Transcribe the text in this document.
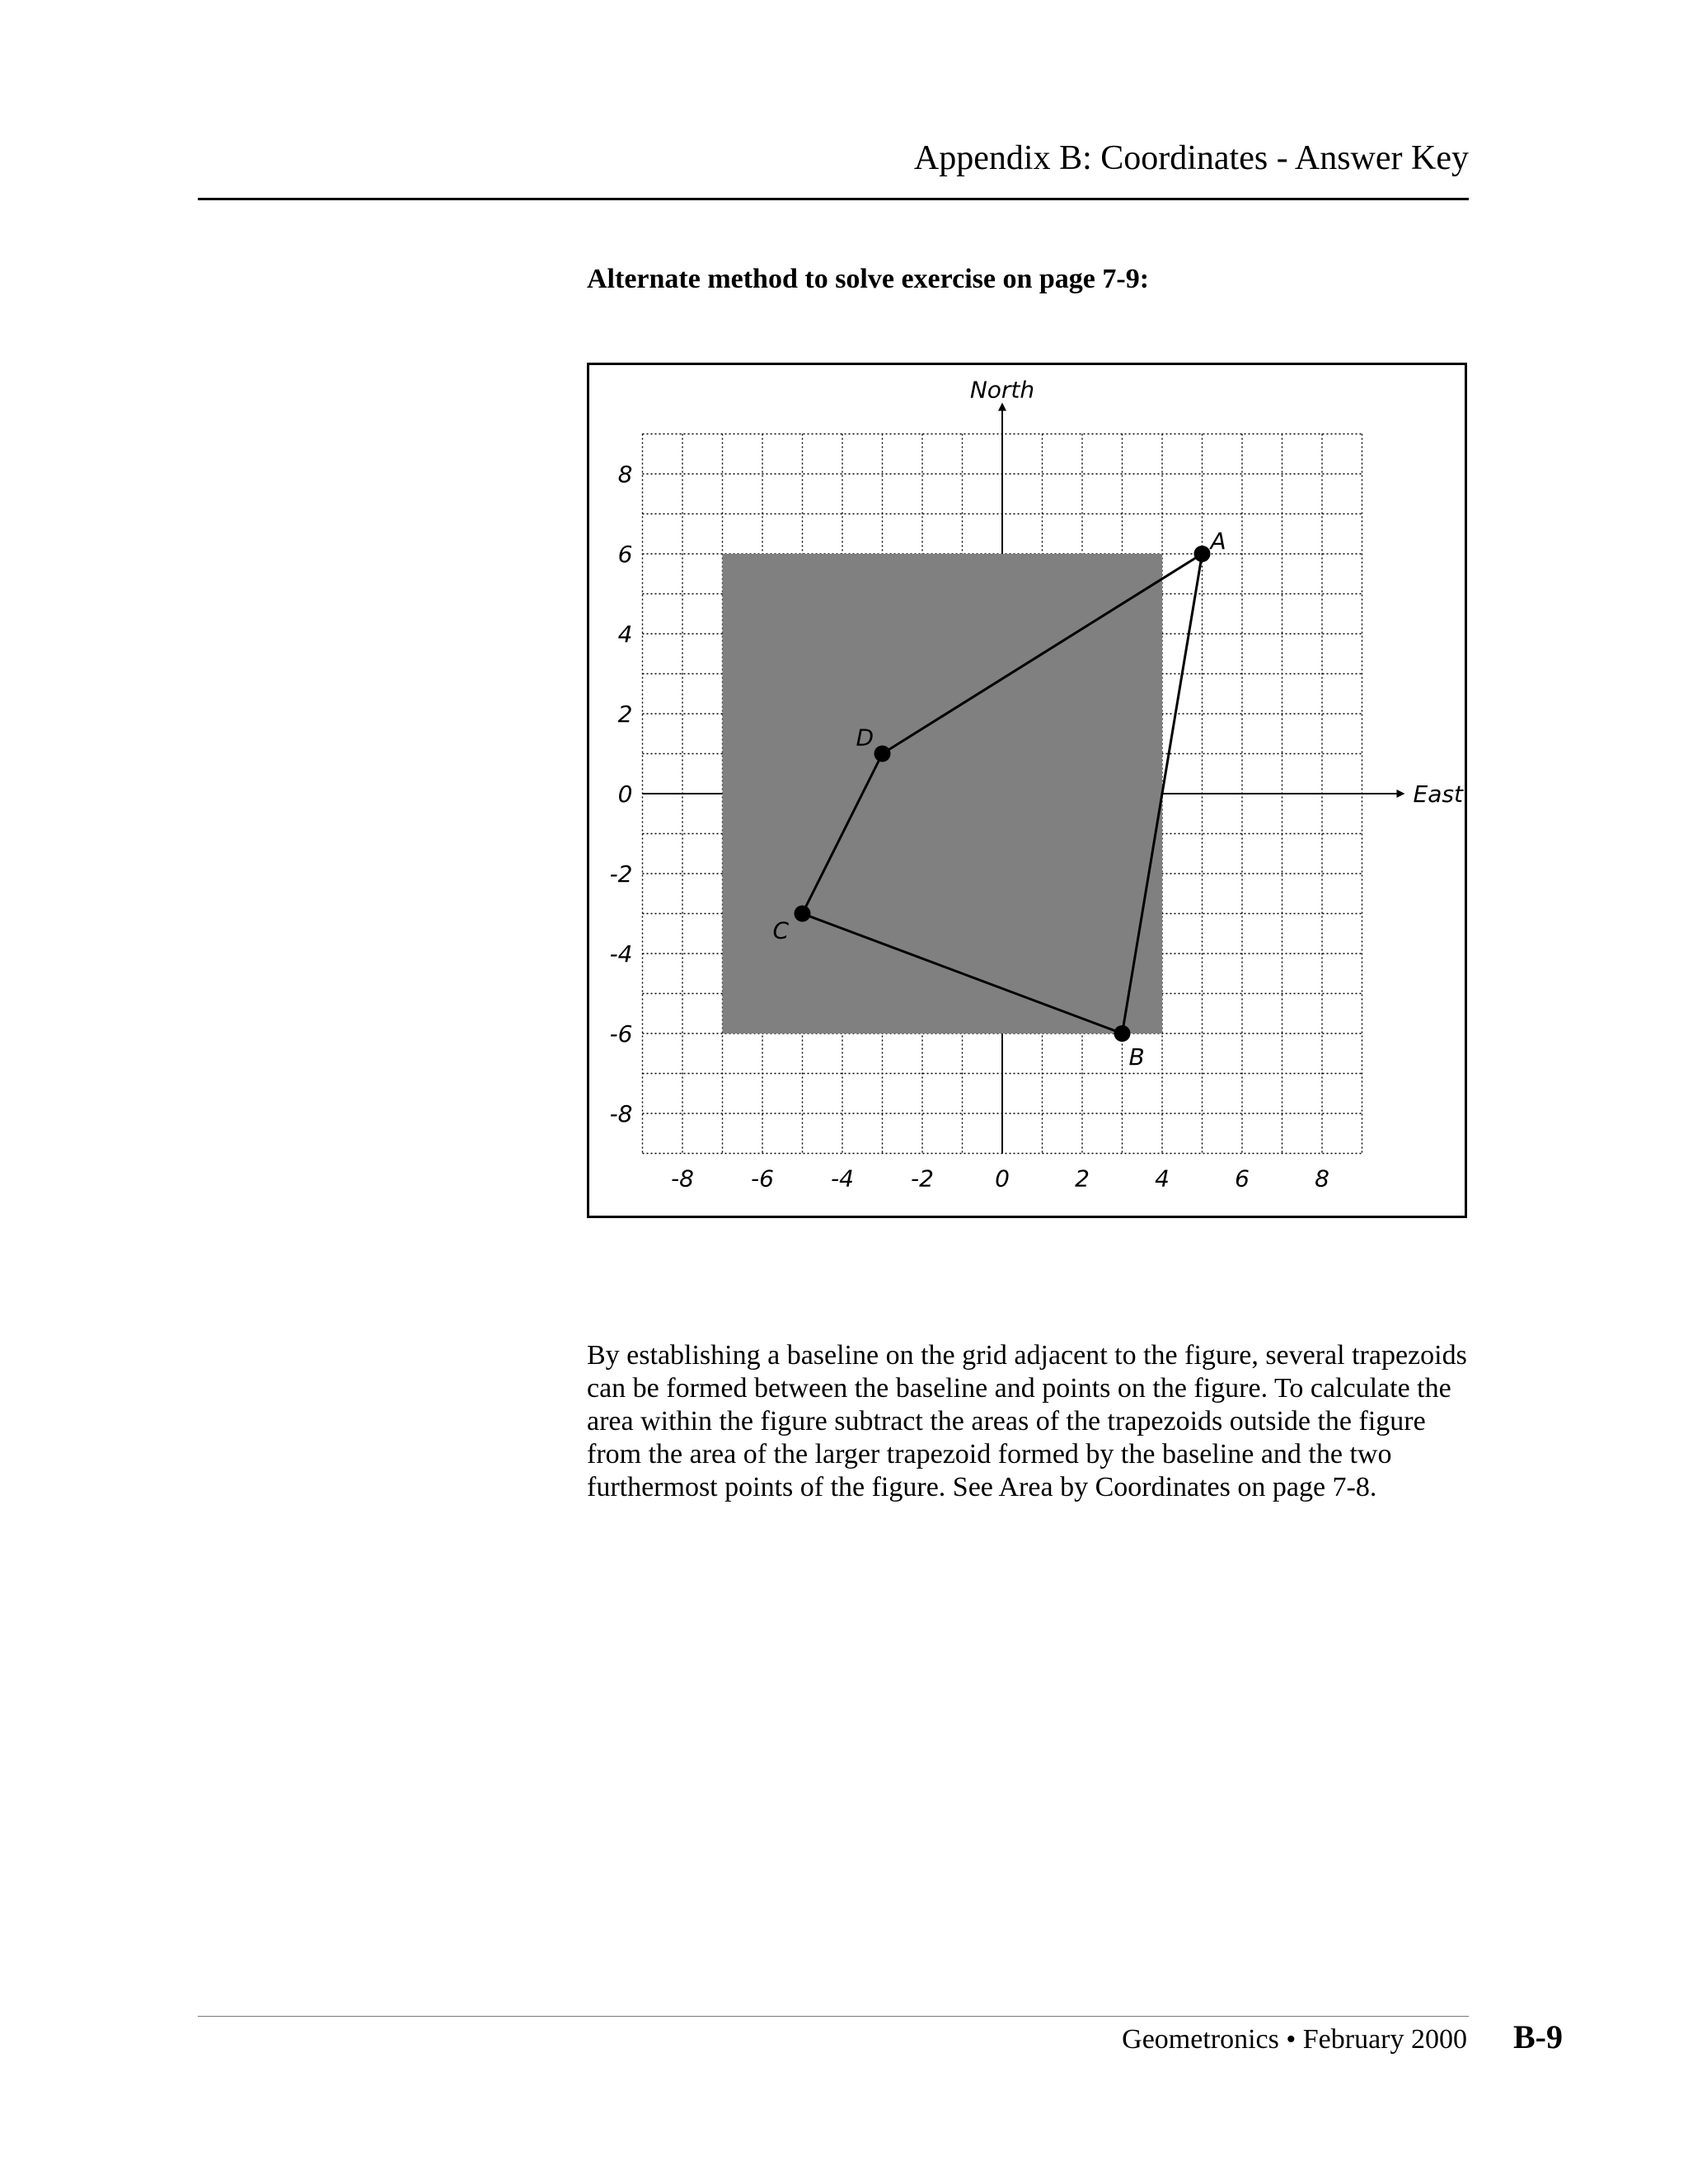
Appendix B: Coordinates - Answer Key
Alternate method to solve exercise on page 7-9:
North
East
-8 -6 -4 -2	0	2	4	6	8
8
6
4
2
0
-2
-4
-6
-8
A
B
C
D

By establishing a baseline on the grid adjacent to the figure, several trapezoids can be formed between the baseline and points on the figure. To calculate the area within the figure subtract the areas of the trapezoids outside the figure from the area of the larger trapezoid formed by the baseline and the two furthermost points of the figure. See Area by Coordinates on page 7-8.

Geometronics • February 2000 B-9
